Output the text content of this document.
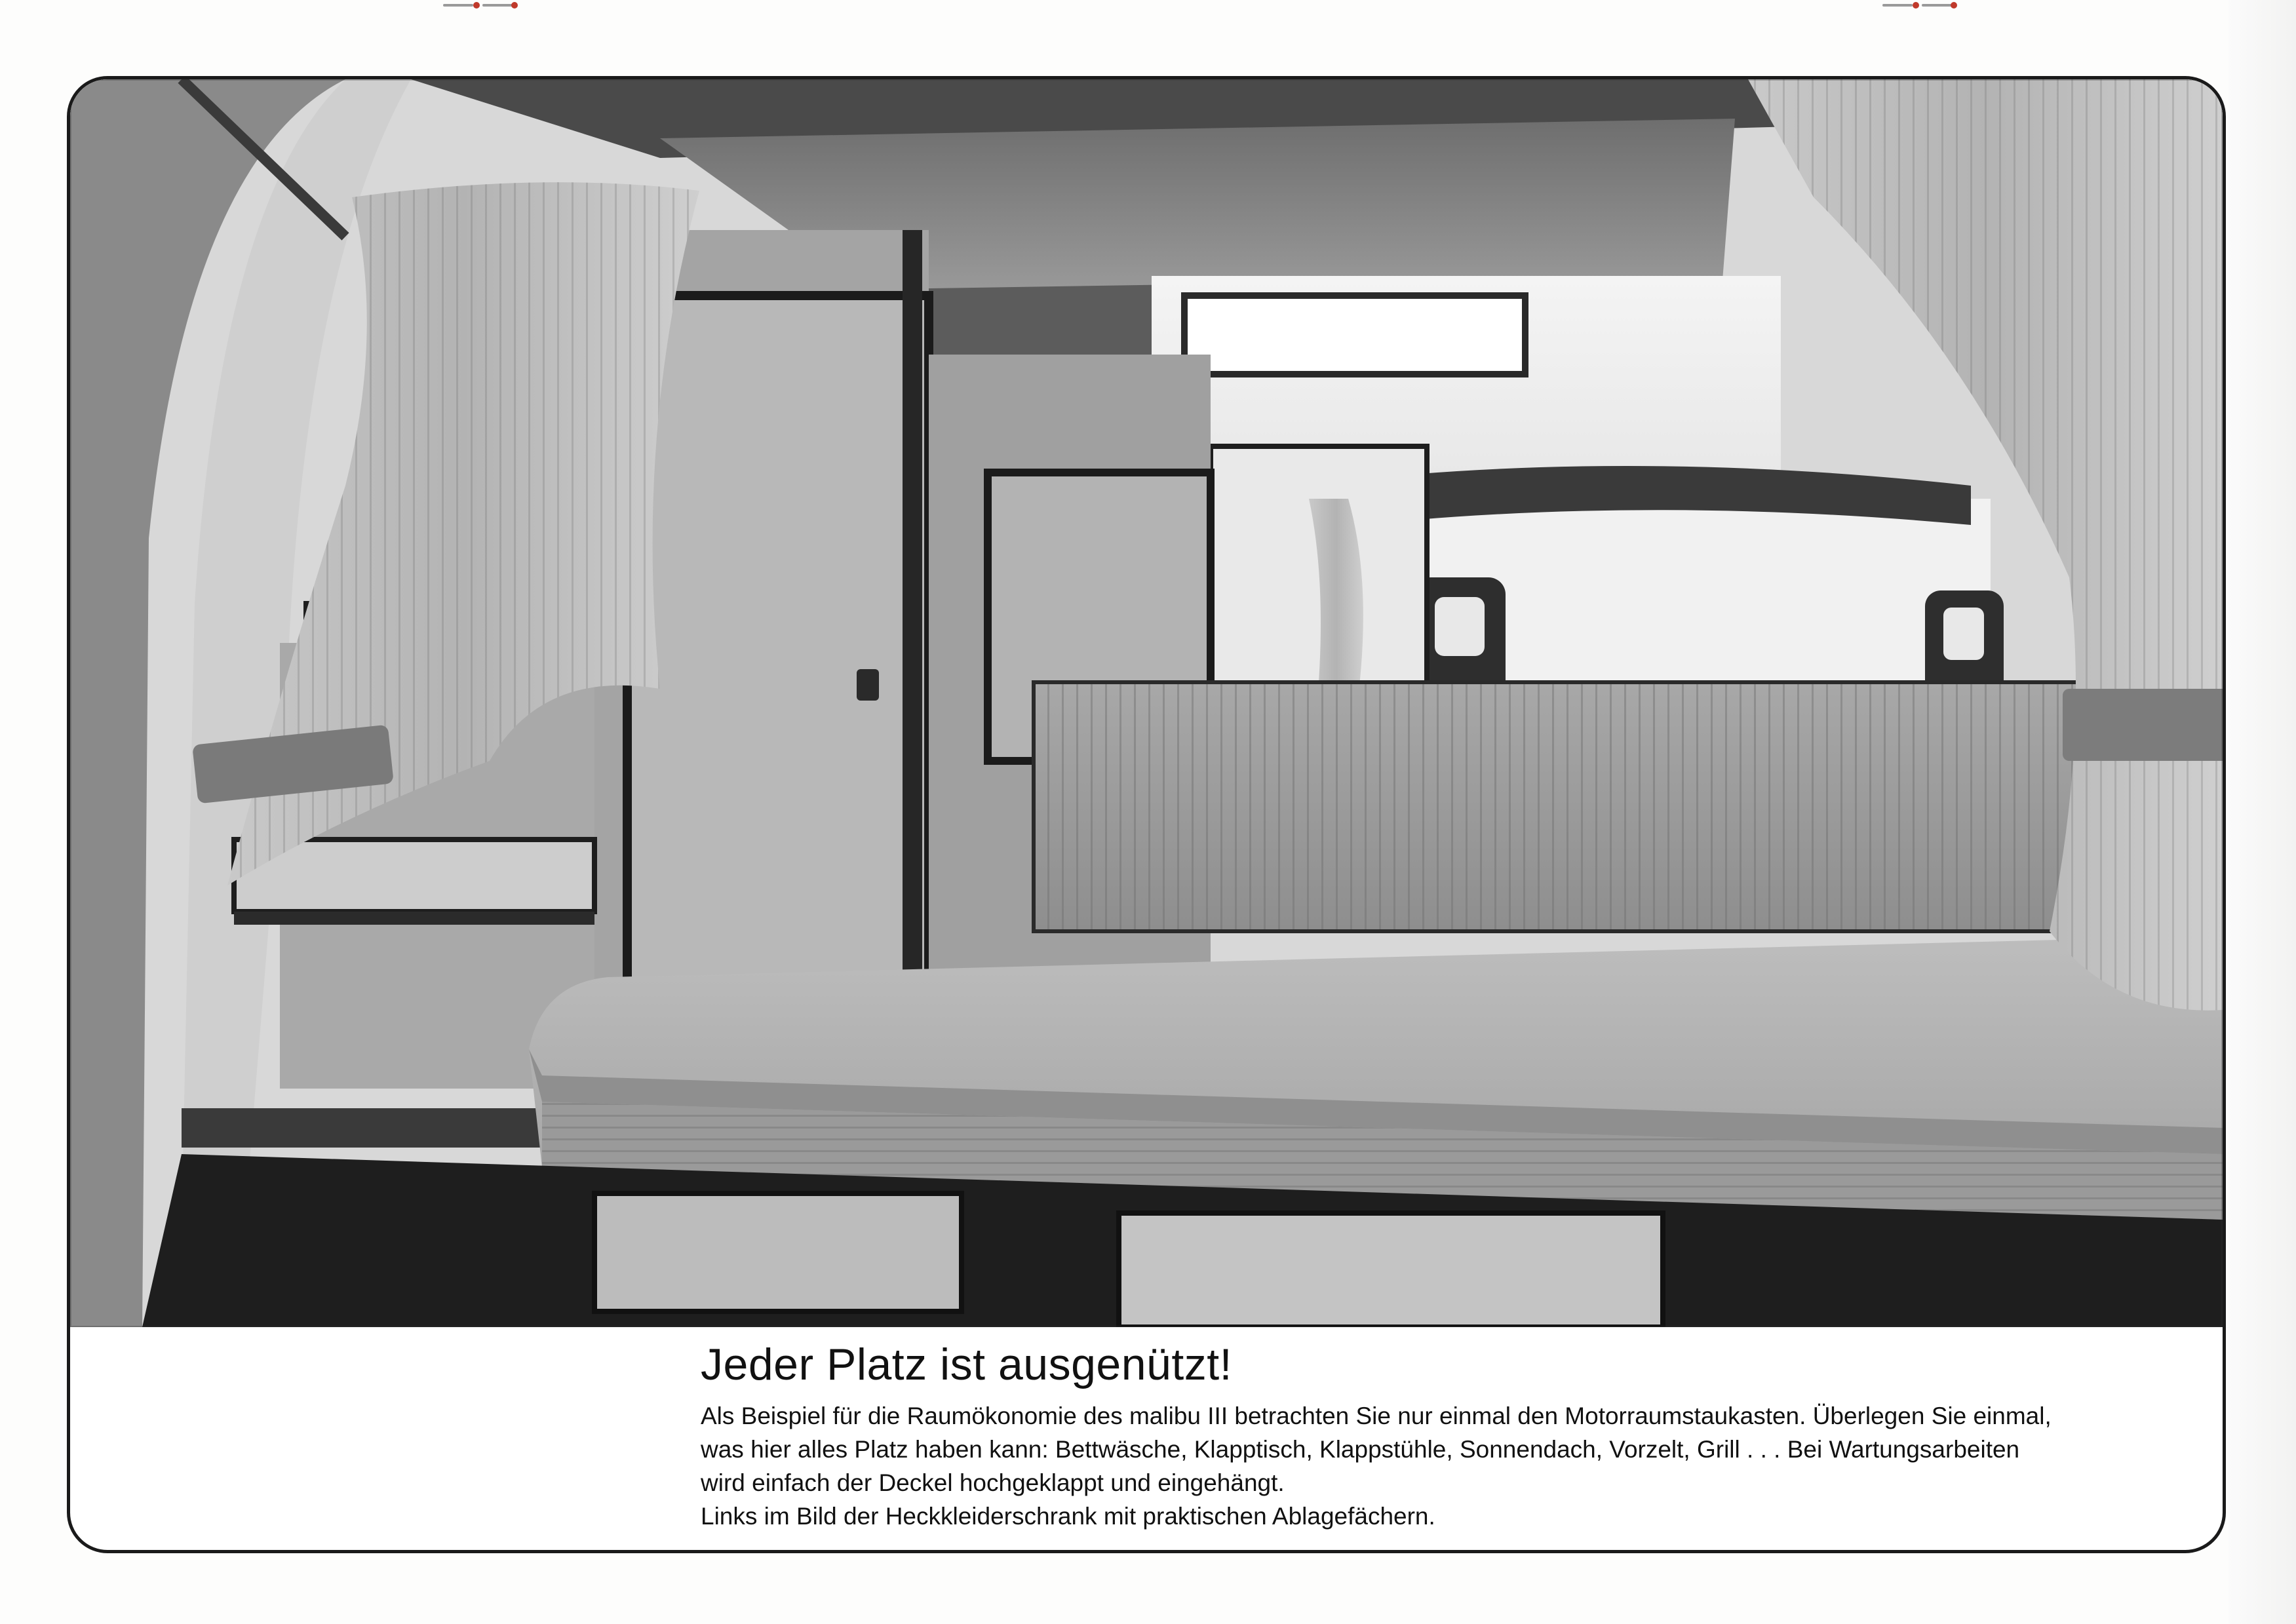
Jeder Platz ist ausgenützt!

Als Beispiel für die Raumökonomie des malibu III betrachten Sie nur einmal den Motorraumstaukasten. Überlegen Sie einmal,

was hier alles Platz haben kann: Bettwäsche, Klapptisch, Klappstühle, Sonnendach, Vorzelt, Grill . . . Bei Wartungsarbeiten

wird einfach der Deckel hochgeklappt und eingehängt.

Links im Bild der Heckkleiderschrank mit praktischen Ablagefächern.
